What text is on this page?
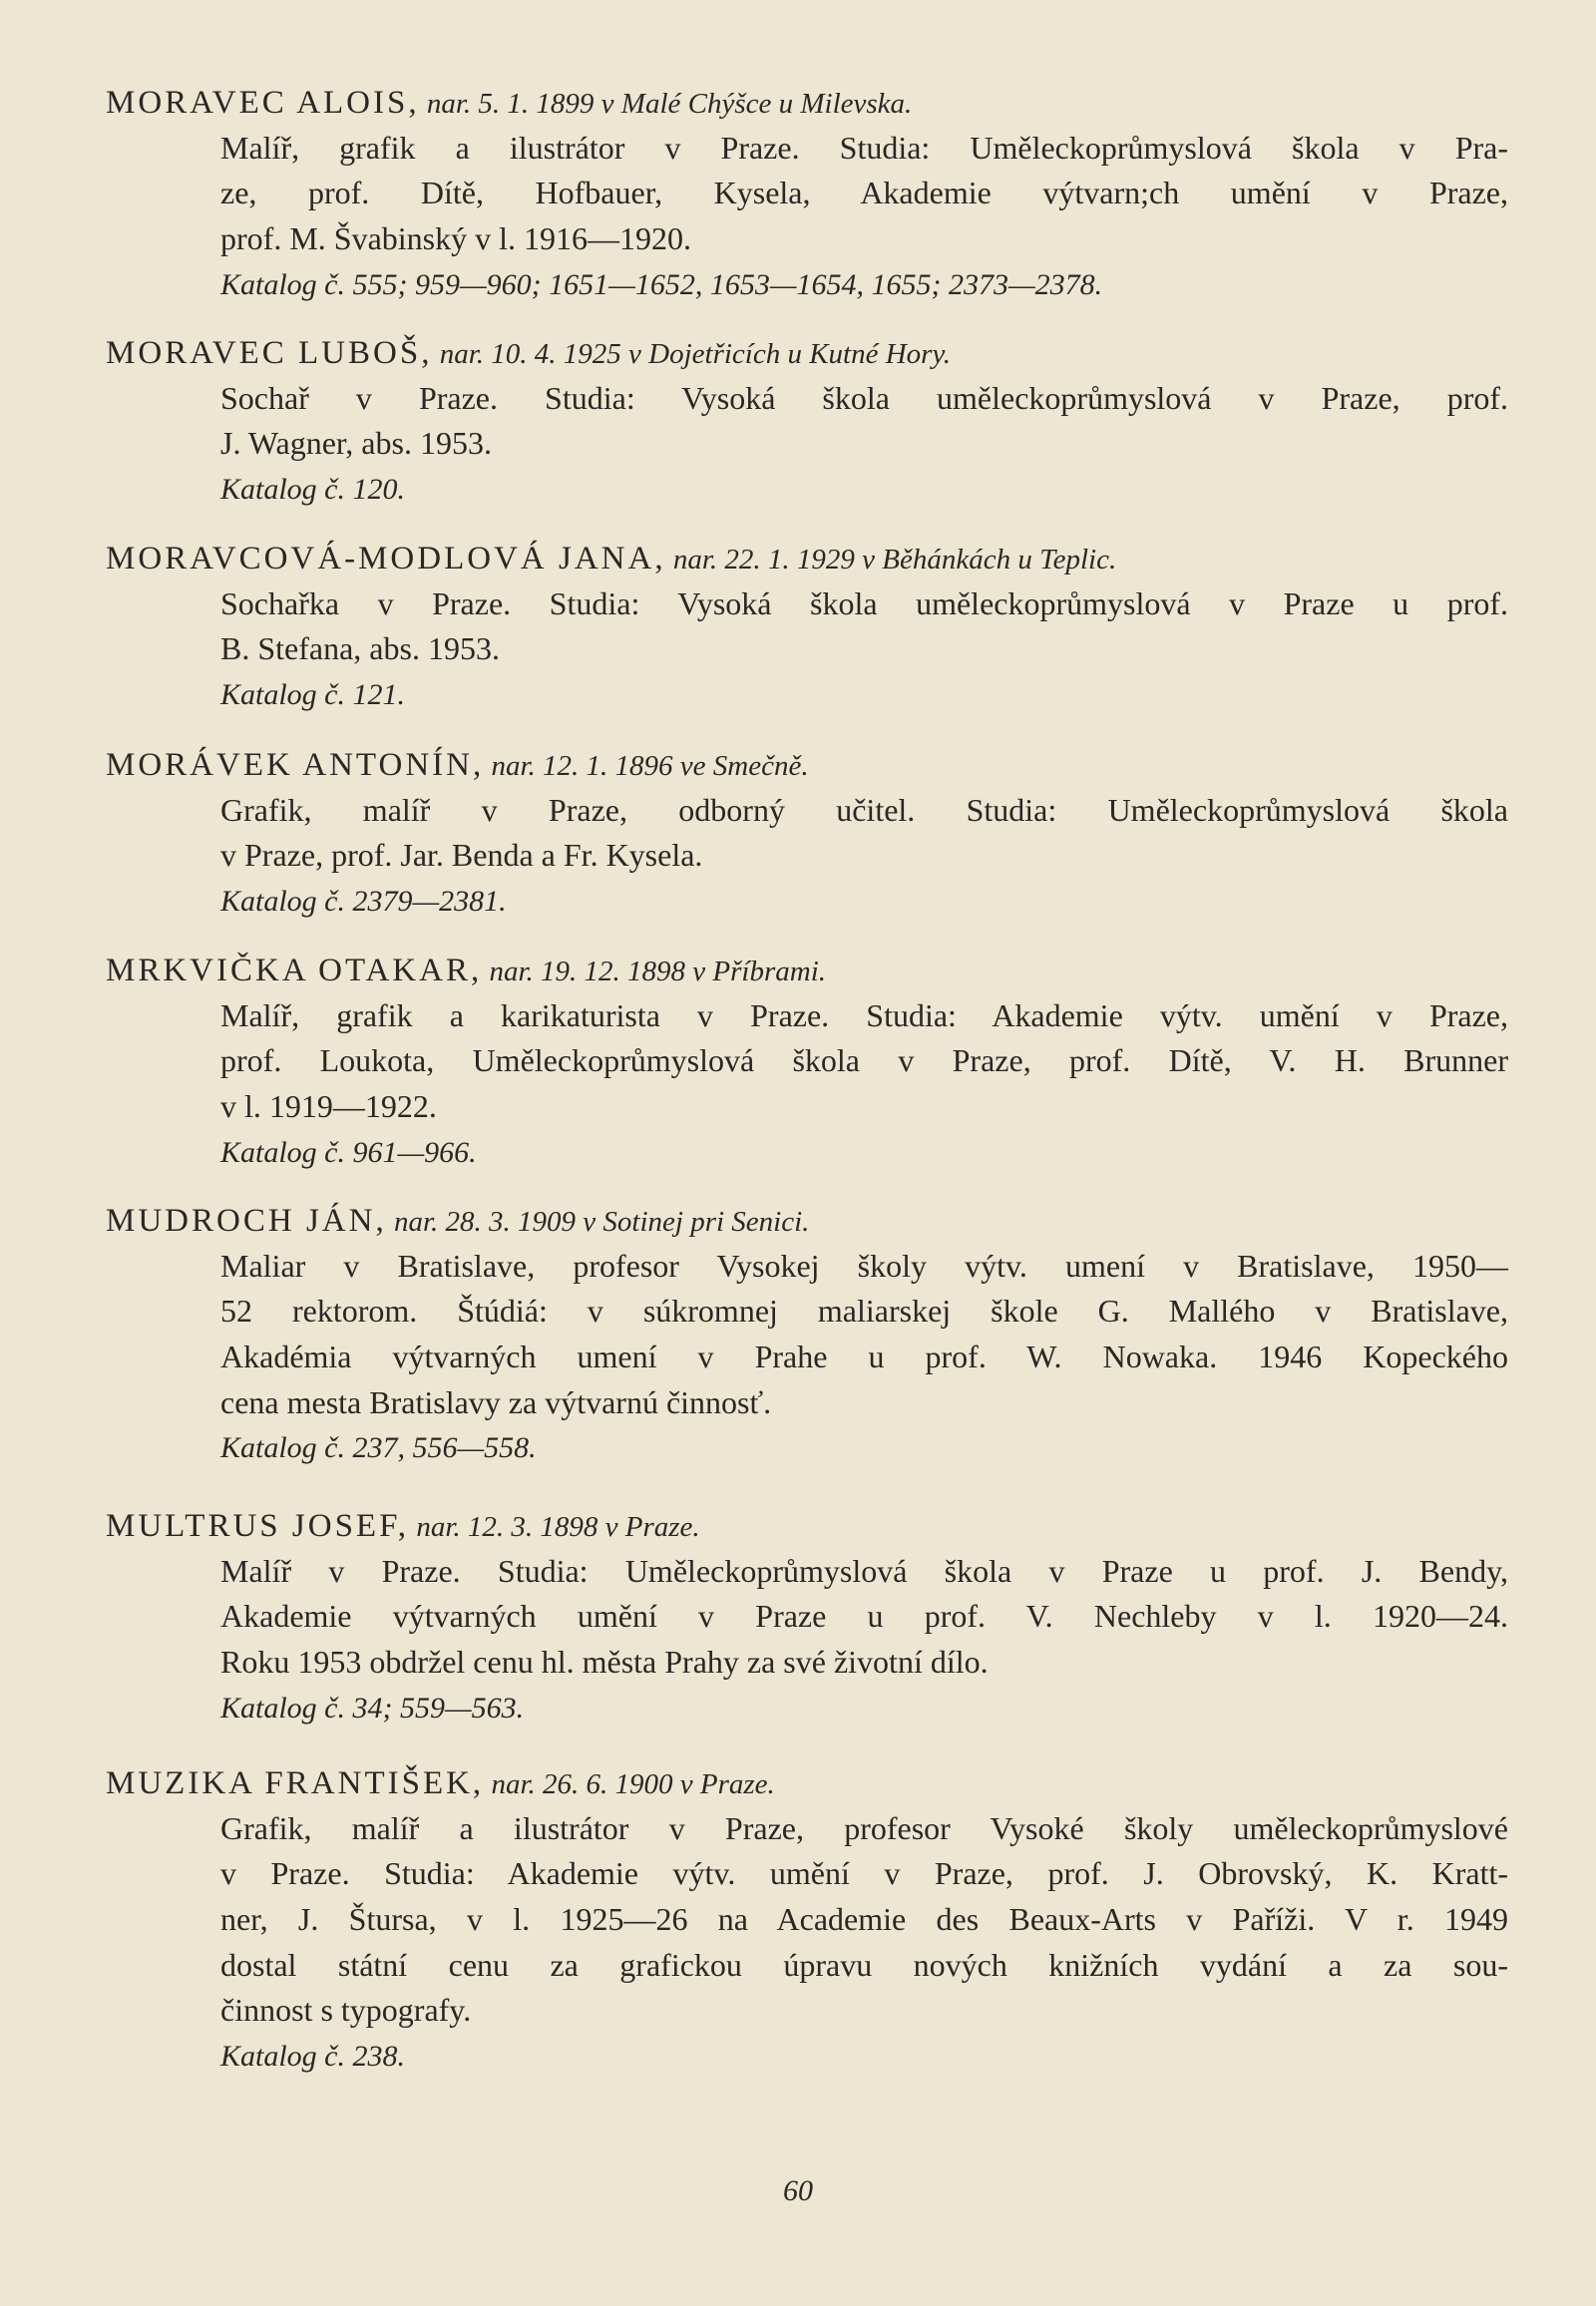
MORAVEC ALOIS, nar. 5. 1. 1899 v Malé Chýšce u Milevska.
Malíř, grafik a ilustrátor v Praze. Studia: Uměleckoprůmyslová škola v Pra-
ze, prof. Dítě, Hofbauer, Kysela, Akademie výtvarn;ch umění v Praze,
prof. M. Švabinský v l. 1916—1920.
Katalog č. 555; 959—960; 1651—1652, 1653—1654, 1655; 2373—2378.
MORAVEC LUBOŠ, nar. 10. 4. 1925 v Dojetřicích u Kutné Hory.
Sochař v Praze. Studia: Vysoká škola uměleckoprůmyslová v Praze, prof.
J. Wagner, abs. 1953.
Katalog č. 120.
MORAVCOVÁ-MODLOVÁ JANA, nar. 22. 1. 1929 v Běhánkách u Teplic.
Sochařka v Praze. Studia: Vysoká škola uměleckoprůmyslová v Praze u prof.
B. Stefana, abs. 1953.
Katalog č. 121.
MORÁVEK ANTONÍN, nar. 12. 1. 1896 ve Smečně.
Grafik, malíř v Praze, odborný učitel. Studia: Uměleckoprůmyslová škola
v Praze, prof. Jar. Benda a Fr. Kysela.
Katalog č. 2379—2381.
MRKVIČKA OTAKAR, nar. 19. 12. 1898 v Příbrami.
Malíř, grafik a karikaturista v Praze. Studia: Akademie výtv. umění v Praze,
prof. Loukota, Uměleckoprůmyslová škola v Praze, prof. Dítě, V. H. Brunner
v l. 1919—1922.
Katalog č. 961—966.
MUDROCH JÁN, nar. 28. 3. 1909 v Sotinej pri Senici.
Maliar v Bratislave, profesor Vysokej školy výtv. umení v Bratislave, 1950—
52 rektorom. Štúdiá: v súkromnej maliarskej škole G. Mallého v Bratislave,
Akadémia výtvarných umení v Prahe u prof. W. Nowaka. 1946 Kopeckého
cena mesta Bratislavy za výtvarnú činnosť.
Katalog č. 237, 556—558.
MULTRUS JOSEF, nar. 12. 3. 1898 v Praze.
Malíř v Praze. Studia: Uměleckoprůmyslová škola v Praze u prof. J. Bendy,
Akademie výtvarných umění v Praze u prof. V. Nechleby v l. 1920—24.
Roku 1953 obdržel cenu hl. města Prahy za své životní dílo.
Katalog č. 34; 559—563.
MUZIKA FRANTIŠEK, nar. 26. 6. 1900 v Praze.
Grafik, malíř a ilustrátor v Praze, profesor Vysoké školy uměleckoprůmyslové
v Praze. Studia: Akademie výtv. umění v Praze, prof. J. Obrovský, K. Kratt-
ner, J. Štursa, v l. 1925—26 na Academie des Beaux-Arts v Paříži. V r. 1949
dostal státní cenu za grafickou úpravu nových knižních vydání a za sou-
činnost s typografy.
Katalog č. 238.
60
